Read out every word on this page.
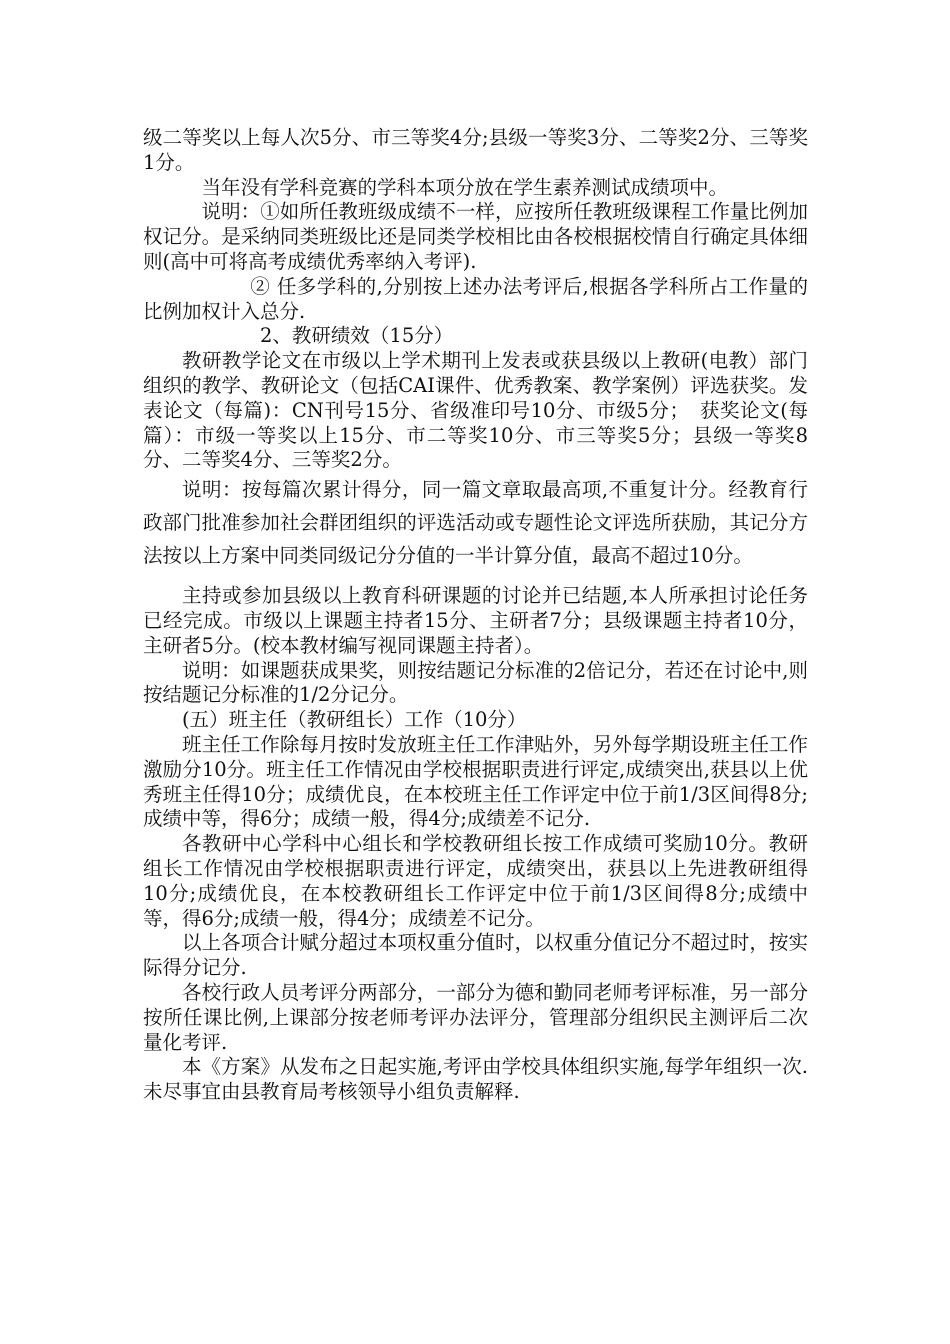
级二等奖以上每人次5分、市三等奖4分;县级一等奖3分、二等奖2分、三等奖1分。

当年没有学科竞赛的学科本项分放在学生素养测试成绩项中。

说明：①如所任教班级成绩不一样，应按所任教班级课程工作量比例加权记分。是采纳同类班级比还是同类学校相比由各校根据校情自行确定具体细则(高中可将高考成绩优秀率纳入考评).

② 任多学科的,分别按上述办法考评后,根据各学科所占工作量的比例加权计入总分.

2、教研绩效（15分）

教研教学论文在市级以上学术期刊上发表或获县级以上教研(电教）部门组织的教学、教研论文（包括CAI课件、优秀教案、教学案例）评选获奖。发表论文（每篇)：CN刊号15分、省级准印号10分、市级5分；　获奖论文(每篇）：市级一等奖以上15分、市二等奖10分、市三等奖5分；县级一等奖8分、二等奖4分、三等奖2分。

说明：按每篇次累计得分，同一篇文章取最高项,不重复计分。经教育行政部门批准参加社会群团组织的评选活动或专题性论文评选所获励，其记分方法按以上方案中同类同级记分分值的一半计算分值，最高不超过10分。

主持或参加县级以上教育科研课题的讨论并已结题,本人所承担讨论任务已经完成。市级以上课题主持者15分、主研者7分；县级课题主持者10分，主研者5分。(校本教材编写视同课题主持者）。

说明：如课题获成果奖，则按结题记分标准的2倍记分，若还在讨论中,则按结题记分标准的1/2分记分。

(五）班主任（教研组长）工作（10分）

班主任工作除每月按时发放班主任工作津贴外，另外每学期设班主任工作激励分10分。班主任工作情况由学校根据职责进行评定,成绩突出,获县以上优秀班主任得10分；成绩优良，在本校班主任工作评定中位于前1/3区间得8分;成绩中等，得6分；成绩一般，得4分;成绩差不记分.

各教研中心学科中心组长和学校教研组长按工作成绩可奖励10分。教研组长工作情况由学校根据职责进行评定，成绩突出，获县以上先进教研组得10分;成绩优良，在本校教研组长工作评定中位于前1/3区间得8分;成绩中等，得6分;成绩一般，得4分；成绩差不记分。

以上各项合计赋分超过本项权重分值时，以权重分值记分不超过时，按实际得分记分.

各校行政人员考评分两部分，一部分为德和勤同老师考评标准，另一部分按所任课比例,上课部分按老师考评办法评分，管理部分组织民主测评后二次量化考评.

本《方案》从发布之日起实施,考评由学校具体组织实施,每学年组织一次.未尽事宜由县教育局考核领导小组负责解释.
